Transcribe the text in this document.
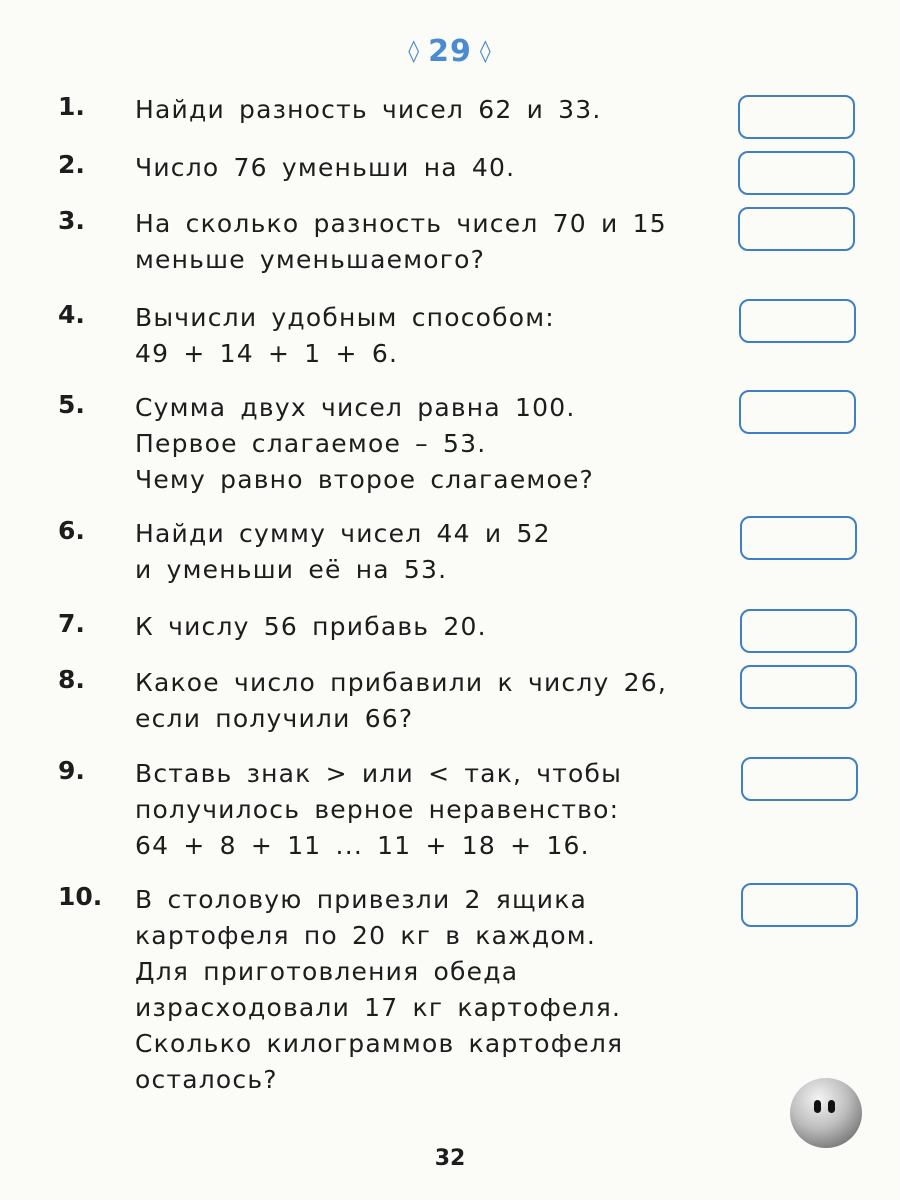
◊ 29 ◊
1.	Найди разность чисел 62 и 33.
2.	Число 76 уменьши на 40.
3.	На сколько разность чисел 70 и 15
меньше уменьшаемого?
4.	Вычисли удобным способом:
49 + 14 + 1 + 6.
5.	Сумма двух чисел равна 100.
Первое слагаемое – 53.
Чему равно второе слагаемое?
6.	Найди сумму чисел 44 и 52
и уменьши её на 53.
7.	К числу 56 прибавь 20.
8.	Какое число прибавили к числу 26,
если получили 66?
9.	Вставь знак > или < так, чтобы
получилось верное неравенство:
64 + 8 + 11 ... 11 + 18 + 16.
10.	В столовую привезли 2 ящика
картофеля по 20 кг в каждом.
Для приготовления обеда
израсходовали 17 кг картофеля.
Сколько килограммов картофеля
осталось?
32
